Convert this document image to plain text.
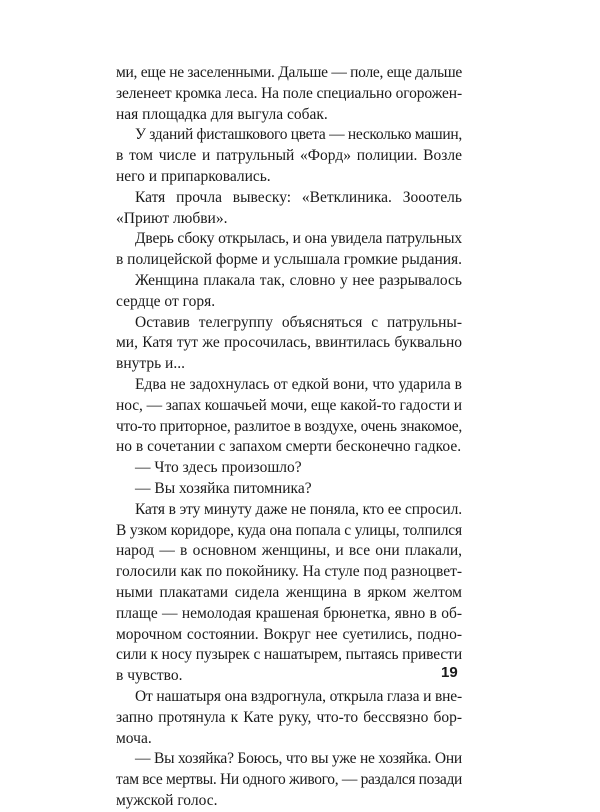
ми, еще не заселенными. Дальше — поле, еще дальше
зеленеет кромка леса. На поле специально огорожен-
ная площадка для выгула собак.
У зданий фисташкового цвета — несколько машин,
в том числе и патрульный «Форд» полиции. Возле
него и припарковались.
Катя прочла вывеску: «Ветклиника. Зооотель
«Приют любви».
Дверь сбоку открылась, и она увидела патрульных
в полицейской форме и услышала громкие рыдания.
Женщина плакала так, словно у нее разрывалось
сердце от горя.
Оставив телегруппу объясняться с патрульны-
ми, Катя тут же просочилась, ввинтилась буквально
внутрь и...
Едва не задохнулась от едкой вони, что ударила в
нос, — запах кошачьей мочи, еще какой-то гадости и
что-то приторное, разлитое в воздухе, очень знакомое,
но в сочетании с запахом смерти бесконечно гадкое.
— Что здесь произошло?
— Вы хозяйка питомника?
Катя в эту минуту даже не поняла, кто ее спросил.
В узком коридоре, куда она попала с улицы, толпился
народ — в основном женщины, и все они плакали,
голосили как по покойнику. На стуле под разноцвет-
ными плакатами сидела женщина в ярком желтом
плаще — немолодая крашеная брюнетка, явно в об-
морочном состоянии. Вокруг нее суетились, подно-
сили к носу пузырек с нашатырем, пытаясь привести
в чувство.
От нашатыря она вздрогнула, открыла глаза и вне-
запно протянула к Кате руку, что-то бессвязно бор-
моча.
— Вы хозяйка? Боюсь, что вы уже не хозяйка. Они
там все мертвы. Ни одного живого, — раздался позади
мужской голос.
19
